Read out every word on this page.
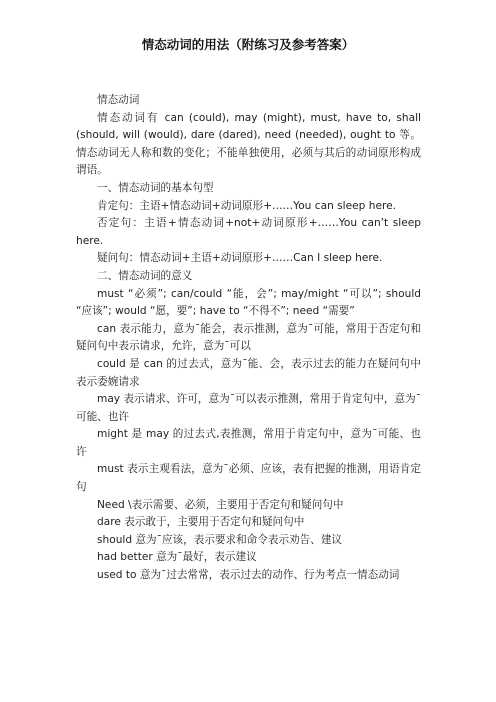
情态动词的用法（附练习及参考答案）

情态动词

情态动词有 can (could), may (might), must, have to, shall (should, will (would), dare (dared), need (needed), ought to 等。情态动词无人称和数的变化；不能单独使用，必须与其后的动词原形构成谓语。

一、情态动词的基本句型

肯定句：主语+情态动词+动词原形+……You can sleep here.

否定句：主语+情态动词+not+动词原形+……You can’t sleep here.

疑问句：情态动词+主语+动词原形+……Can I sleep here.

二、情态动词的意义

must “必须”; can/could “能，会”; may/might “可以”; should “应该”; would “愿，要”; have to “不得不”; need “需要”

can 表示能力，意为¯能会，表示推测，意为¯可能，常用于否定句和疑问句中表示请求，允许，意为¯可以

could 是 can 的过去式，意为¯能、会，表示过去的能力在疑问句中表示委婉请求

may 表示请求、许可，意为¯可以表示推测，常用于肯定句中，意为¯可能、也许

might 是 may 的过去式,表推测，常用于肯定句中，意为¯可能、也许

must 表示主观看法，意为¯必须、应该，表有把握的推测，用语肯定句

Need \表示需要、必须，主要用于否定句和疑问句中

dare 表示敢于，主要用于否定句和疑问句中

should 意为¯应该，表示要求和命令表示劝告、建议

had better 意为¯最好，表示建议

used to 意为¯过去常常，表示过去的动作、行为考点一情态动词
